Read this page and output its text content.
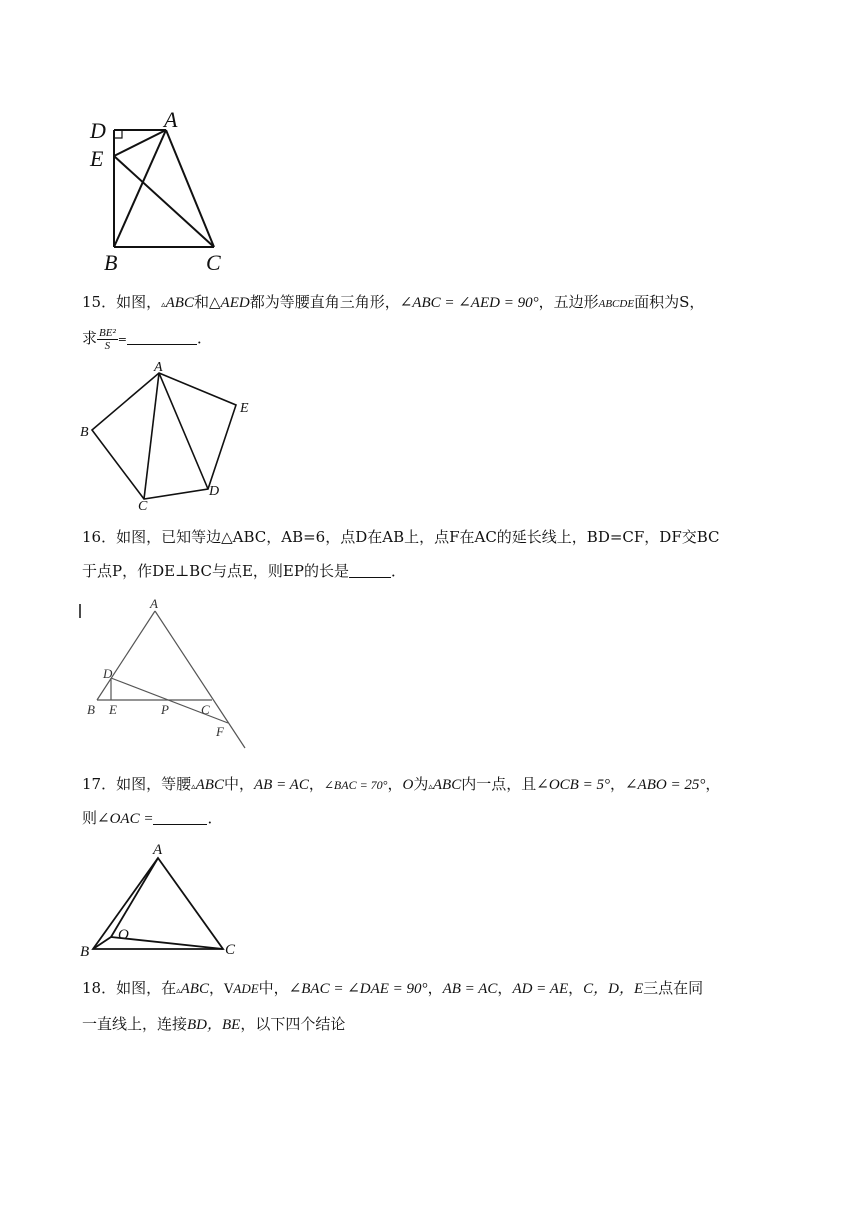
D	A
E
B	C
15．如图，▵ABC和△AED都为等腰直角三角形，∠ABC = ∠AED = 90°，五边形ABCDE面积为S，
求 $\frac{\text{BE²}}{S}$ =	．
A
E
B
C
D
16．如图，已知等边△ABC，AB=6，点D在AB上，点F在AC的延长线上，BD=CF，DF交BC
于点P，作DE⊥BC与点E，则EP的长是	．
A
D
B E	P C
F
17．如图，等腰▵ABC中，AB = AC，∠BAC = 70°，O为▵ABC内一点，且∠OCB = 5°，∠ABO = 25°，
则∠OAC =	．
A
O
B	C
18．如图，在▵ABC，VADE中，∠BAC = ∠DAE = 90°，AB = AC，AD = AE，C，D，E三点在同
一直线上，连接BD，BE，以下四个结论
